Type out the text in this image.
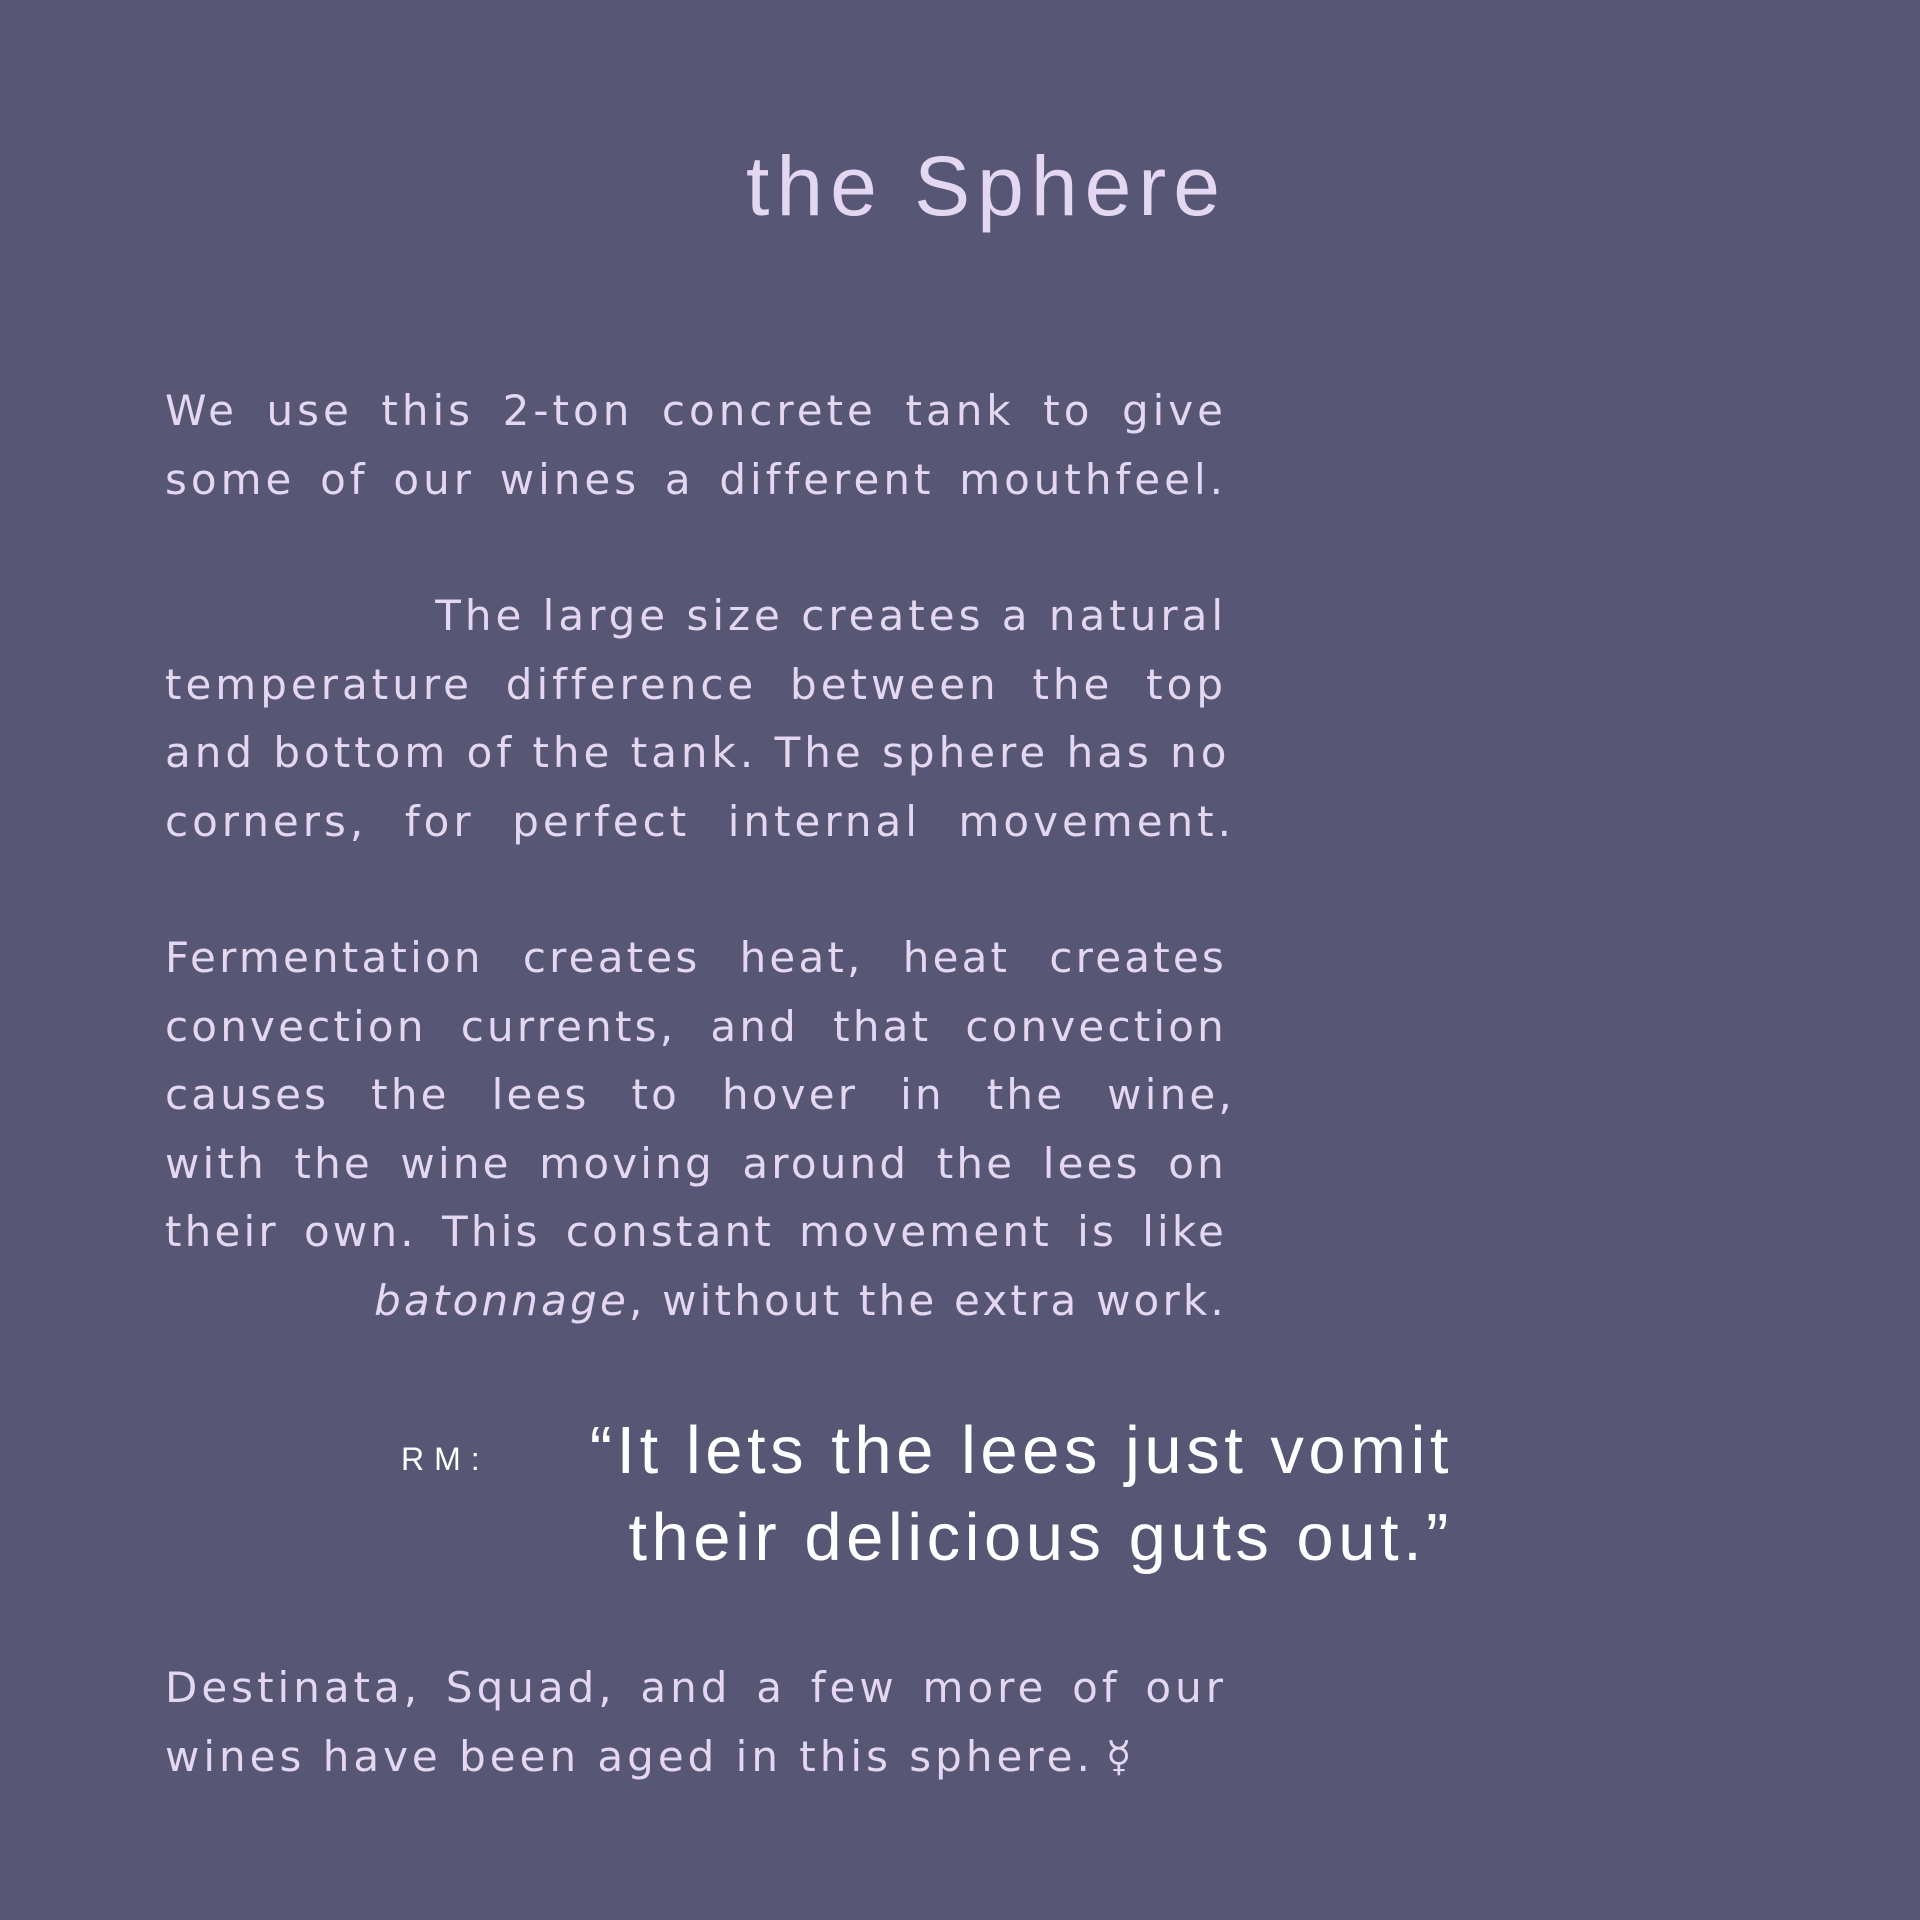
the Sphere
We use this 2-ton concrete tank to give
some of our wines a different mouthfeel.
The large size creates a natural
temperature difference between the top
and bottom of the tank. The sphere has no
corners, for perfect internal movement.
Fermentation creates heat, heat creates
convection currents, and that convection
causes the lees to hover in the wine,
with the wine moving around the lees on
their own. This constant movement is like
batonnage, without the extra work.
RM:	“It lets the lees just vomit
their delicious guts out.”
Destinata, Squad, and a few more of our
wines have been aged in this sphere. ☿
